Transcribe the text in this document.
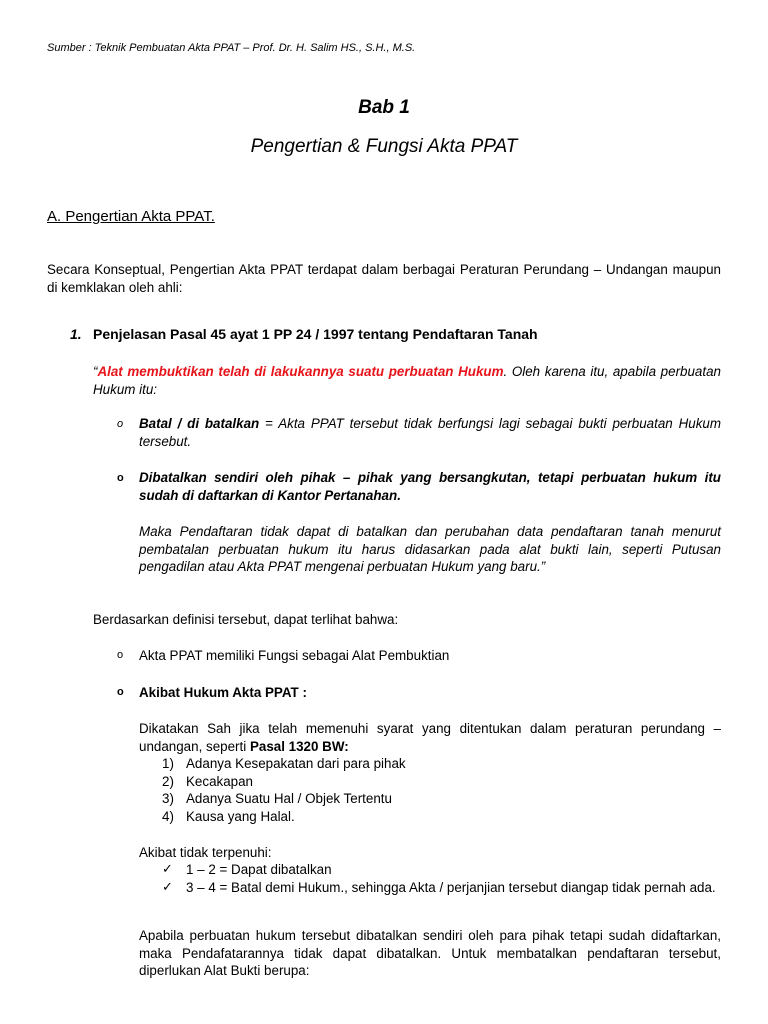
Sumber : Teknik Pembuatan Akta PPAT – Prof. Dr. H. Salim HS., S.H., M.S.
Bab 1
Pengertian & Fungsi Akta PPAT
A. Pengertian Akta PPAT.
Secara Konseptual, Pengertian Akta PPAT terdapat dalam berbagai Peraturan Perundang – Undangan maupun di kemklakan oleh ahli:
1. Penjelasan Pasal 45 ayat 1 PP 24 / 1997 tentang Pendaftaran Tanah
“Alat membuktikan telah di lakukannya suatu perbuatan Hukum. Oleh karena itu, apabila perbuatan Hukum itu:
o Batal / di batalkan = Akta PPAT tersebut tidak berfungsi lagi sebagai bukti perbuatan Hukum tersebut.
o Dibatalkan sendiri oleh pihak – pihak yang bersangkutan, tetapi perbuatan hukum itu sudah di daftarkan di Kantor Pertanahan.
Maka Pendaftaran tidak dapat di batalkan dan perubahan data pendaftaran tanah menurut pembatalan perbuatan hukum itu harus didasarkan pada alat bukti lain, seperti Putusan pengadilan atau Akta PPAT mengenai perbuatan Hukum yang baru.”
Berdasarkan definisi tersebut, dapat terlihat bahwa:
o Akta PPAT memiliki Fungsi sebagai Alat Pembuktian
o Akibat Hukum Akta PPAT :
Dikatakan Sah jika telah memenuhi syarat yang ditentukan dalam peraturan perundang – undangan, seperti Pasal 1320 BW:
1) Adanya Kesepakatan dari para pihak
2) Kecakapan
3) Adanya Suatu Hal / Objek Tertentu
4) Kausa yang Halal.
Akibat tidak terpenuhi:
✓ 1 – 2 = Dapat dibatalkan
✓ 3 – 4 = Batal demi Hukum., sehingga Akta / perjanjian tersebut diangap tidak pernah ada.
Apabila perbuatan hukum tersebut dibatalkan sendiri oleh para pihak tetapi sudah didaftarkan, maka Pendafatarannya tidak dapat dibatalkan. Untuk membatalkan pendaftaran tersebut, diperlukan Alat Bukti berupa:
